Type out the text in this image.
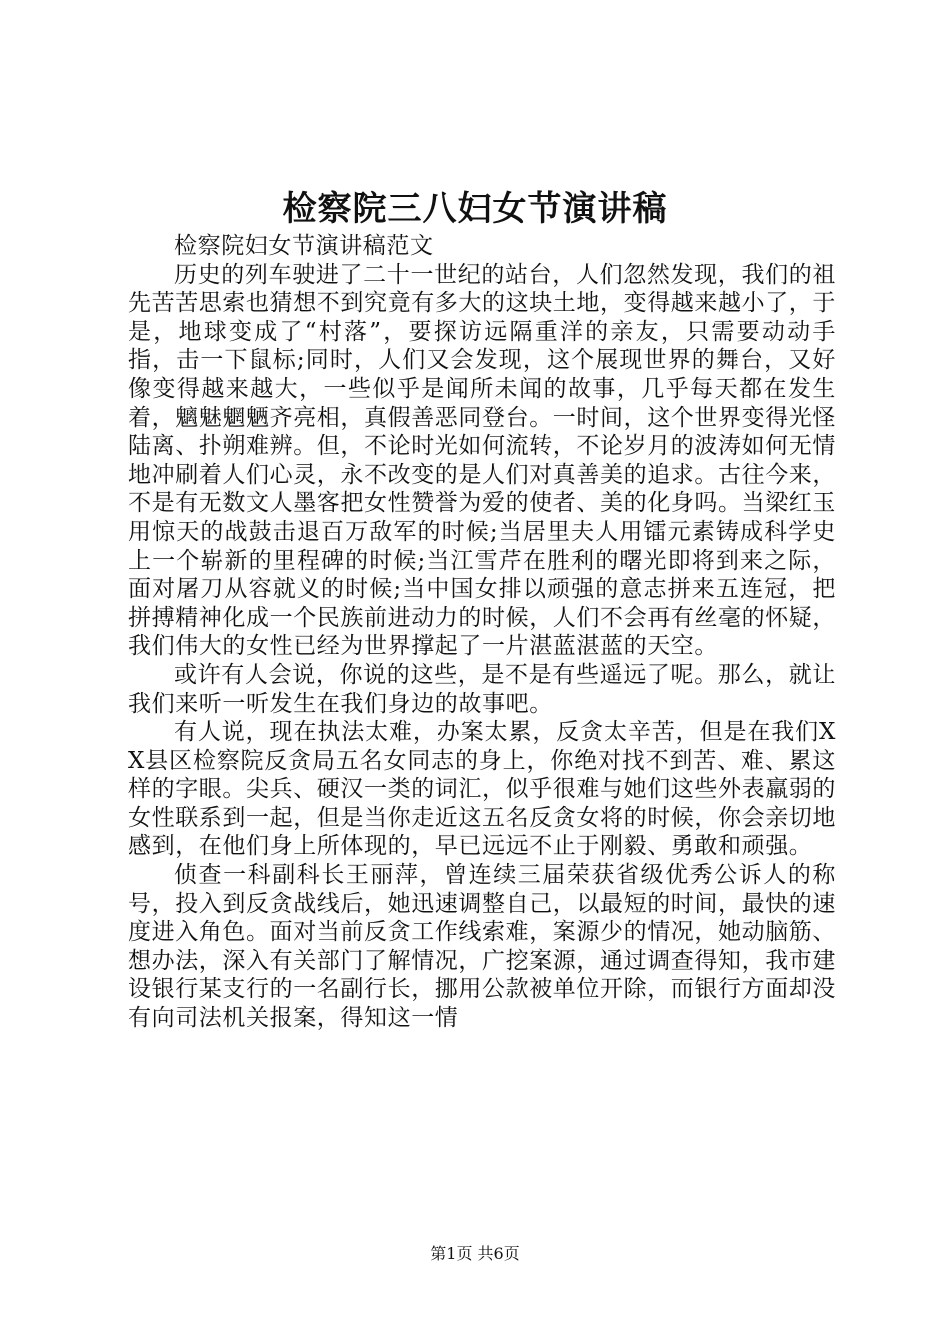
检察院三八妇女节演讲稿

检察院妇女节演讲稿范文

历史的列车驶进了二十一世纪的站台，人们忽然发现，我们的祖先苦苦思索也猜想不到究竟有多大的这块土地，变得越来越小了，于是，地球变成了“村落”，要探访远隔重洋的亲友，只需要动动手指，击一下鼠标;同时，人们又会发现，这个展现世界的舞台，又好像变得越来越大，一些似乎是闻所未闻的故事，几乎每天都在发生着，魑魅魍魉齐亮相，真假善恶同登台。一时间，这个世界变得光怪陆离、扑朔难辨。但，不论时光如何流转，不论岁月的波涛如何无情地冲刷着人们心灵，永不改变的是人们对真善美的追求。古往今来，不是有无数文人墨客把女性赞誉为爱的使者、美的化身吗。当梁红玉用惊天的战鼓击退百万敌军的时候;当居里夫人用镭元素铸成科学史上一个崭新的里程碑的时候;当江雪芹在胜利的曙光即将到来之际，面对屠刀从容就义的时候;当中国女排以顽强的意志拼来五连冠，把拼搏精神化成一个民族前进动力的时候，人们不会再有丝毫的怀疑，我们伟大的女性已经为世界撑起了一片湛蓝湛蓝的天空。

或许有人会说，你说的这些，是不是有些遥远了呢。那么，就让我们来听一听发生在我们身边的故事吧。

有人说，现在执法太难，办案太累，反贪太辛苦，但是在我们XX县区检察院反贪局五名女同志的身上，你绝对找不到苦、难、累这样的字眼。尖兵、硬汉一类的词汇，似乎很难与她们这些外表羸弱的女性联系到一起，但是当你走近这五名反贪女将的时候，你会亲切地感到，在他们身上所体现的，早已远远不止于刚毅、勇敢和顽强。

侦查一科副科长王丽萍，曾连续三届荣获省级优秀公诉人的称号，投入到反贪战线后，她迅速调整自己，以最短的时间，最快的速度进入角色。面对当前反贪工作线索难，案源少的情况，她动脑筋、想办法，深入有关部门了解情况，广挖案源，通过调查得知，我市建设银行某支行的一名副行长，挪用公款被单位开除，而银行方面却没有向司法机关报案，得知这一情

第1页 共6页
